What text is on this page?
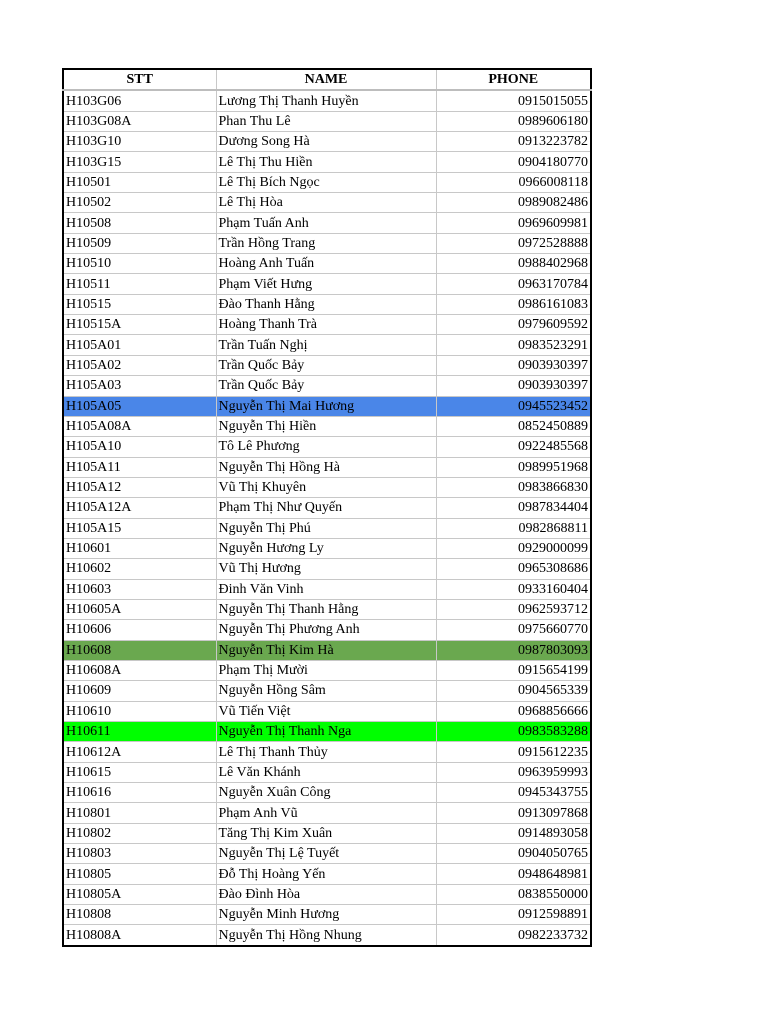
STT	NAME	PHONE
H103G06	Lương Thị Thanh Huyền	0915015055
H103G08A	Phan Thu Lê	0989606180
H103G10	Dương Song Hà	0913223782
H103G15	Lê Thị Thu Hiền	0904180770
H10501	Lê Thị Bích Ngọc	0966008118
H10502	Lê Thị Hòa	0989082486
H10508	Phạm Tuấn Anh	0969609981
H10509	Trần Hồng Trang	0972528888
H10510	Hoàng Anh Tuấn	0988402968
H10511	Phạm Viết Hưng	0963170784
H10515	Đào Thanh Hằng	0986161083
H10515A	Hoàng Thanh Trà	0979609592
H105A01	Trần Tuấn Nghị	0983523291
H105A02	Trần Quốc Bảy	0903930397
H105A03	Trần Quốc Bảy	0903930397
H105A05	Nguyễn Thị Mai Hương	0945523452
H105A08A	Nguyễn Thị Hiền	0852450889
H105A10	Tô Lê Phương	0922485568
H105A11	Nguyễn Thị Hồng Hà	0989951968
H105A12	Vũ Thị Khuyên	0983866830
H105A12A	Phạm Thị Như Quyến	0987834404
H105A15	Nguyễn Thị Phú	0982868811
H10601	Nguyễn Hương Ly	0929000099
H10602	Vũ Thị Hương	0965308686
H10603	Đinh Văn Vinh	0933160404
H10605A	Nguyễn Thị Thanh Hằng	0962593712
H10606	Nguyễn Thị Phương Anh	0975660770
H10608	Nguyễn Thị Kim Hà	0987803093
H10608A	Phạm Thị Mười	0915654199
H10609	Nguyễn Hồng Sâm	0904565339
H10610	Vũ Tiến Việt	0968856666
H10611	Nguyễn Thị Thanh Nga	0983583288
H10612A	Lê Thị Thanh Thủy	0915612235
H10615	Lê Văn Khánh	0963959993
H10616	Nguyễn Xuân Công	0945343755
H10801	Phạm Anh Vũ	0913097868
H10802	Tăng Thị Kim Xuân	0914893058
H10803	Nguyễn Thị Lệ Tuyết	0904050765
H10805	Đỗ Thị Hoàng Yến	0948648981
H10805A	Đào Đình Hòa	0838550000
H10808	Nguyễn Minh Hương	0912598891
H10808A	Nguyễn Thị Hồng Nhung	0982233732
